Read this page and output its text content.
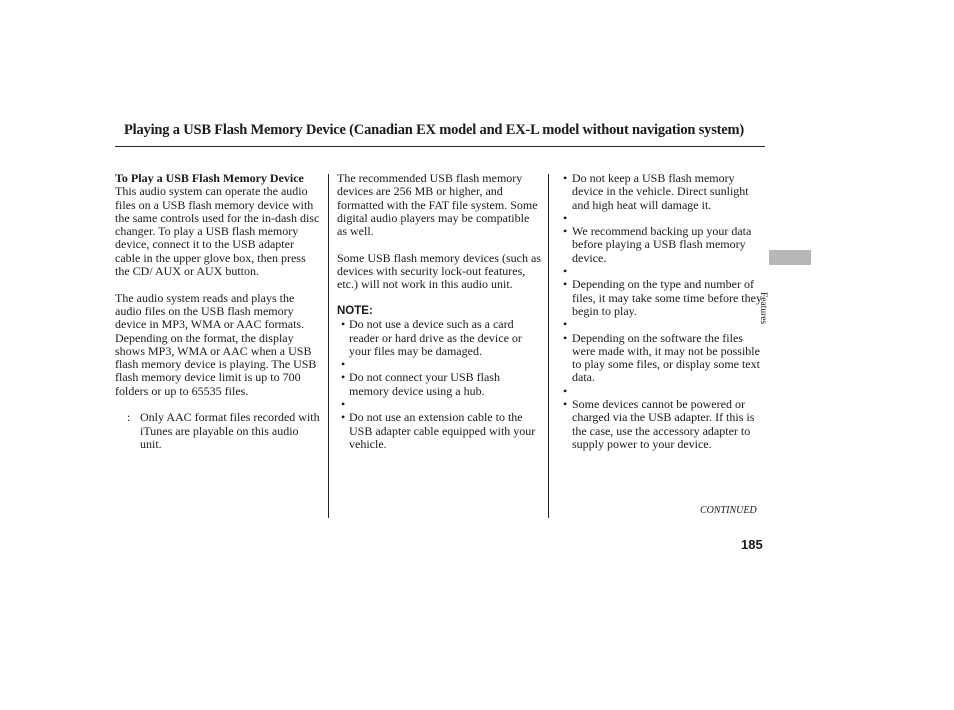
Playing a USB Flash Memory Device (Canadian EX model and EX-L model without navigation system)

To Play a USB Flash Memory Device

This audio system can operate the audio files on a USB flash memory device with the same controls used for the in-dash disc changer. To play a USB flash memory device, connect it to the USB adapter cable in the upper glove box, then press the CD/ AUX or AUX button.

The audio system reads and plays the audio files on the USB flash memory device in MP3, WMA or AAC formats. Depending on the format, the display shows MP3, WMA or AAC when a USB flash memory device is playing. The USB flash memory device limit is up to 700 folders or up to 65535 files.

: Only AAC format files recorded with iTunes are playable on this audio unit.

The recommended USB flash memory devices are 256 MB or higher, and formatted with the FAT file system. Some digital audio players may be compatible as well.

Some USB flash memory devices (such as devices with security lock-out features, etc.) will not work in this audio unit.

NOTE:

• Do not use a device such as a card reader or hard drive as the device or your files may be damaged.
•
• Do not connect your USB flash memory device using a hub.
•
• Do not use an extension cable to the USB adapter cable equipped with your vehicle.
• Do not keep a USB flash memory device in the vehicle. Direct sunlight and high heat will damage it.
•
• We recommend backing up your data before playing a USB flash memory device.
•
• Depending on the type and number of files, it may take some time before they begin to play.
•
• Depending on the software the files were made with, it may not be possible to play some files, or display some text data.
•
• Some devices cannot be powered or charged via the USB adapter. If this is the case, use the accessory adapter to supply power to your device.
Features
CONTINUED
185
